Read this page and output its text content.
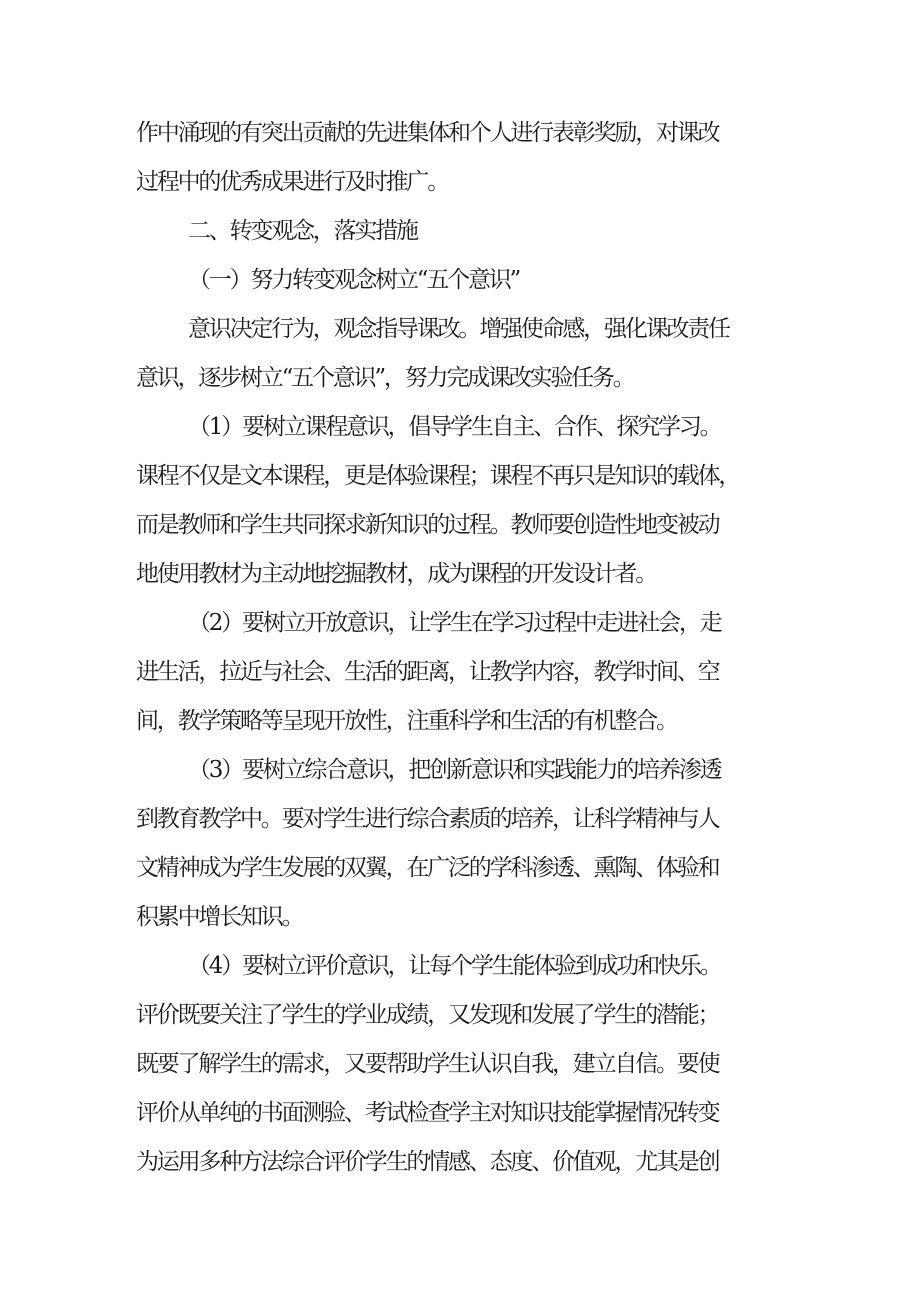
作中涌现的有突出贡献的先进集体和个人进行表彰奖励，对课改
过程中的优秀成果进行及时推广。
二、转变观念，落实措施
（一）努力转变观念树立“五个意识”
意识决定行为，观念指导课改。增强使命感，强化课改责任
意识，逐步树立“五个意识”，努力完成课改实验任务。
（1）要树立课程意识，倡导学生自主、合作、探究学习。
课程不仅是文本课程，更是体验课程；课程不再只是知识的载体，
而是教师和学生共同探求新知识的过程。教师要创造性地变被动
地使用教材为主动地挖掘教材，成为课程的开发设计者。
（2）要树立开放意识，让学生在学习过程中走进社会，走
进生活，拉近与社会、生活的距离，让教学内容，教学时间、空
间，教学策略等呈现开放性，注重科学和生活的有机整合。
（3）要树立综合意识，把创新意识和实践能力的培养渗透
到教育教学中。要对学生进行综合素质的培养，让科学精神与人
文精神成为学生发展的双翼，在广泛的学科渗透、熏陶、体验和
积累中增长知识。
（4）要树立评价意识，让每个学生能体验到成功和快乐。
评价既要关注了学生的学业成绩，又发现和发展了学生的潜能；
既要了解学生的需求，又要帮助学生认识自我，建立自信。要使
评价从单纯的书面测验、考试检查学主对知识技能掌握情况转变
为运用多种方法综合评价学生的情感、态度、价值观，尤其是创
